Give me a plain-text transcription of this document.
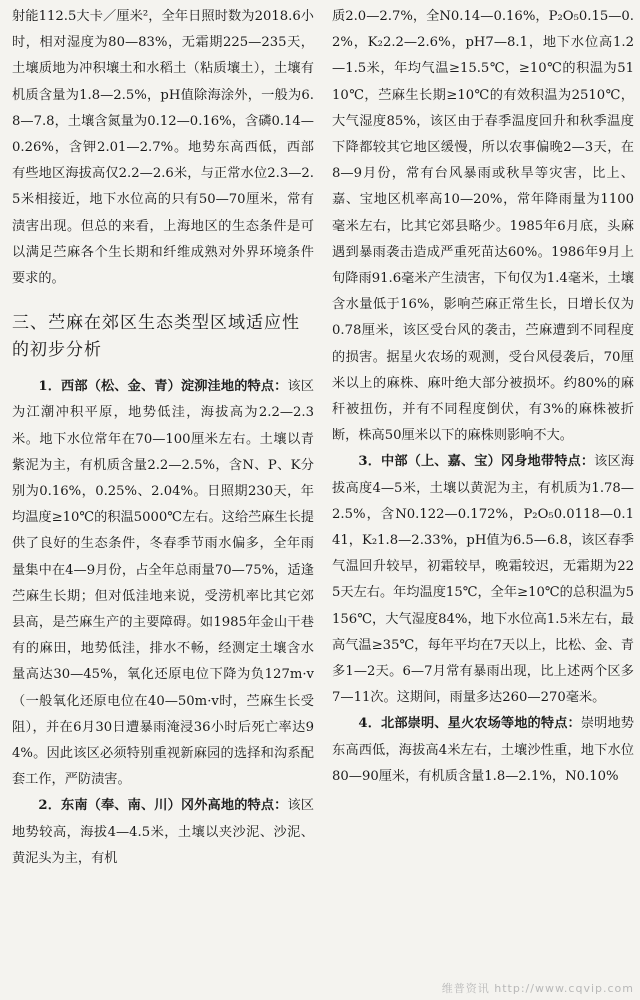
射能112.5大卡／厘米²，全年日照时数为2018.6小时，相对湿度为80—83%，无霜期225—235天，土壤质地为冲积壤土和水稻土（粘质壤土），土壤有机质含量为1.8—2.5%，pH值除海涂外，一般为6.8—7.8，土壤含氮量为0.12—0.16%，含磷0.14—0.26%，含钾2.01—2.7%。地势东高西低，西部有些地区海拔高仅2.2—2.6米，与正常水位2.3—2.5米相接近，地下水位高的只有50—70厘米，常有渍害出现。但总的来看，上海地区的生态条件是可以满足苎麻各个生长期和纤维成熟对外界环境条件要求的。

三、苎麻在郊区生态类型区域适应性的初步分析

1．西部（松、金、青）淀泖洼地的特点：该区为江潮冲积平原，地势低洼，海拔高为2.2—2.3米。地下水位常年在70—100厘米左右。土壤以青紫泥为主，有机质含量2.2—2.5%，含N、P、K分别为0.16%，0.25%、2.04%。日照期230天，年均温度≥10℃的积温5000℃左右。这给苎麻生长提供了良好的生态条件，冬春季节雨水偏多，全年雨量集中在4—9月份，占全年总雨量70—75%，适逢苎麻生长期；但对低洼地来说，受涝机率比其它郊县高，是苎麻生产的主要障碍。如1985年金山干巷有的麻田，地势低洼，排水不畅，经测定土壤含水量高达30—45%，氧化还原电位下降为负127m·v（一般氧化还原电位在40—50m·v时，苎麻生长受阻），并在6月30日遭暴雨淹浸36小时后死亡率达94%。因此该区必须特别重视新麻园的选择和沟系配套工作，严防渍害。

2．东南（奉、南、川）冈外高地的特点：该区地势较高，海拔4—4.5米，土壤以夹沙泥、沙泥、黄泥头为主，有机

质2.0—2.7%，全N0.14—0.16%，P₂O₅0.15—0.2%，K₂2.2—2.6%，pH7—8.1，地下水位高1.2—1.5米，年均气温≥15.5℃，≥10℃的积温为5110℃，苎麻生长期≥10℃的有效积温为2510℃，大气湿度85%，该区由于春季温度回升和秋季温度下降都较其它地区缓慢，所以农事偏晚2—3天，在8—9月份，常有台风暴雨或秋旱等灾害，比上、嘉、宝地区机率高10—20%，常年降雨量为1100毫米左右，比其它郊县略少。1985年6月底，头麻遇到暴雨袭击造成严重死苗达60%。1986年9月上旬降雨91.6毫米产生渍害，下旬仅为1.4毫米，土壤含水量低于16%，影响苎麻正常生长，日增长仅为0.78厘米，该区受台风的袭击，苎麻遭到不同程度的损害。据星火农场的观测，受台风侵袭后，70厘米以上的麻株、麻叶绝大部分被损坏。约80%的麻秆被扭伤，并有不同程度倒伏，有3%的麻株被折断，株高50厘米以下的麻株则影响不大。

3．中部（上、嘉、宝）冈身地带特点：该区海拔高度4—5米，土壤以黄泥为主，有机质为1.78—2.5%，含N0.122—0.172%，P₂O₅0.0118—0.141，K₂1.8—2.33%，pH值为6.5—6.8，该区春季气温回升较早，初霜较早，晚霜较迟，无霜期为225天左右。年均温度15℃，全年≥10℃的总积温为5156℃，大气湿度84%，地下水位高1.5米左右，最高气温≥35℃，每年平均在7天以上，比松、金、青多1—2天。6—7月常有暴雨出现，比上述两个区多7—11次。这期间，雨量多达260—270毫米。

4．北部崇明、星火农场等地的特点：崇明地势东高西低，海拔高4米左右，土壤沙性重，地下水位80—90厘米，有机质含量1.8—2.1%，N0.10%

维普资讯 http://www.cqvip.com
